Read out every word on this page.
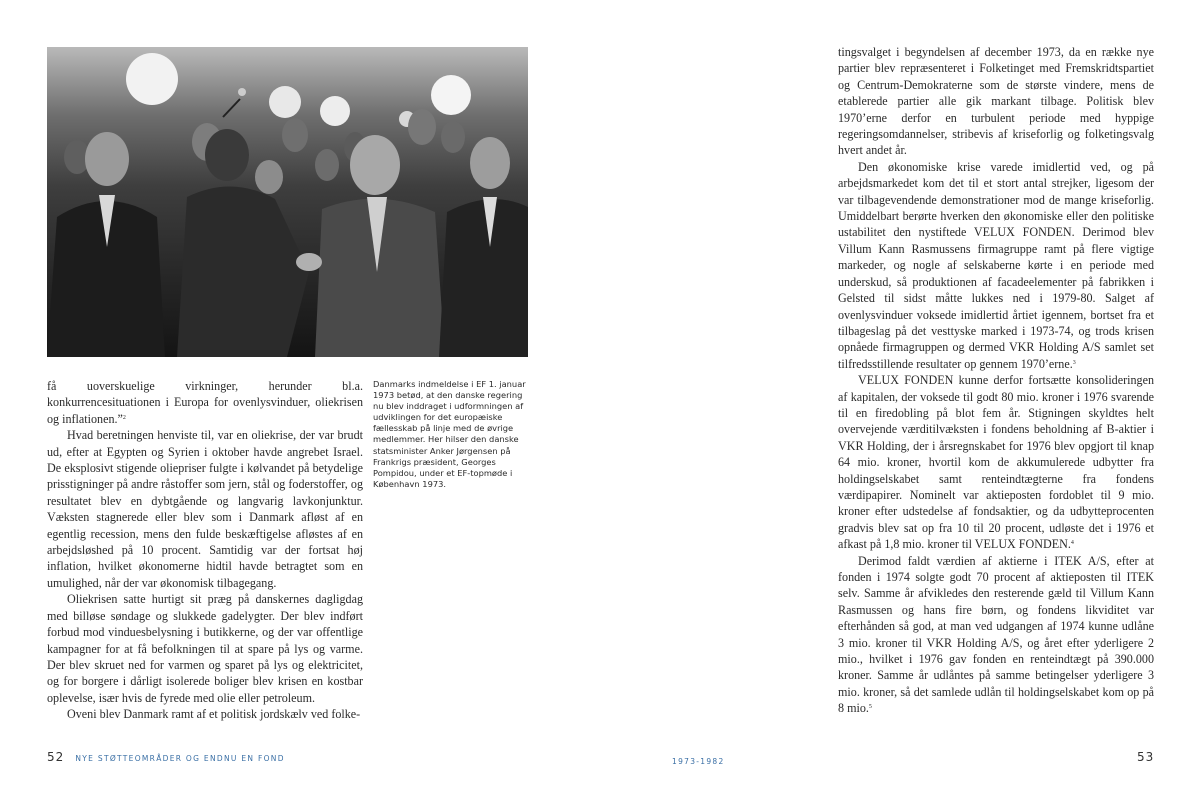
Danmarks indmeldelse i EF 1. januar 1973 betød, at den danske regering nu blev inddraget i udformningen af udviklingen for det europæiske fællesskab på linje med de øvrige medlemmer. Her hilser den danske statsminister Anker Jørgensen på Frankrigs præsident, Georges Pompidou, under et EF-topmøde i København 1973.

få uoverskuelige virkninger, herunder bl.a. konkurrencesituationen i Europa for ovenlysvinduer, oliekrisen og inflationen.”$^2$

Hvad beretningen henviste til, var en oliekrise, der var brudt ud, efter at Egypten og Syrien i oktober havde angrebet Israel. De eksplosivt stigende oliepriser fulgte i kølvandet på betydelige prisstigninger på andre råstoffer som jern, stål og foderstoffer, og resultatet blev en dybtgående og langvarig lavkonjunktur. Væksten stagnerede eller blev som i Danmark afløst af en egentlig recession, mens den fulde beskæftigelse afløstes af en arbejdsløshed på 10 procent. Samtidig var der fortsat høj inflation, hvilket økonomerne hidtil havde betragtet som en umulighed, når der var økonomisk tilbagegang.

Oliekrisen satte hurtigt sit præg på danskernes dagligdag med billøse søndage og slukkede gadelygter. Der blev indført forbud mod vinduesbelysning i butikkerne, og der var offentlige kampagner for at få befolkningen til at spare på lys og varme. Der blev skruet ned for varmen og sparet på lys og elektricitet, og for borgere i dårligt isolerede boliger blev krisen en kostbar oplevelse, især hvis de fyrede med olie eller petroleum.

Oveni blev Danmark ramt af et politisk jordskælv ved folke-

tingsvalget i begyndelsen af december 1973, da en række nye partier blev repræsenteret i Folketinget med Fremskridtspartiet og Centrum-Demokraterne som de største vindere, mens de etablerede partier alle gik markant tilbage. Politisk blev 1970’erne derfor en turbulent periode med hyppige regeringsomdannelser, stribevis af kriseforlig og folketingsvalg hvert andet år.

Den økonomiske krise varede imidlertid ved, og på arbejdsmarkedet kom det til et stort antal strejker, ligesom der var tilbagevendende demonstrationer mod de mange kriseforlig. Umiddelbart berørte hverken den økonomiske eller den politiske ustabilitet den nystiftede VELUX FONDEN. Derimod blev Villum Kann Rasmussens firmagruppe ramt på flere vigtige markeder, og nogle af selskaberne kørte i en periode med underskud, så produktionen af facadeelementer på fabrikken i Gelsted til sidst måtte lukkes ned i 1979-80. Salget af ovenlysvinduer voksede imidlertid årtiet igennem, bortset fra et tilbageslag på det vesttyske marked i 1973-74, og trods krisen opnåede firmagruppen og dermed VKR Holding A/S samlet set tilfredsstillende resultater op gennem 1970’erne.$^3$

VELUX FONDEN kunne derfor fortsætte konsolideringen af kapitalen, der voksede til godt 80 mio. kroner i 1976 svarende til en firedobling på blot fem år. Stigningen skyldtes helt overvejende værditilvæksten i fondens beholdning af B-aktier i VKR Holding, der i årsregnskabet for 1976 blev opgjort til knap 64 mio. kroner, hvortil kom de akkumulerede udbytter fra holdingselskabet samt renteindtægterne fra fondens værdipapirer. Nominelt var aktieposten fordoblet til 9 mio. kroner efter udstedelse af fondsaktier, og da udbytteprocenten gradvis blev sat op fra 10 til 20 procent, udløste det i 1976 et afkast på 1,8 mio. kroner til VELUX FONDEN.$^4$

Derimod faldt værdien af aktierne i ITEK A/S, efter at fonden i 1974 solgte godt 70 procent af aktieposten til ITEK selv. Samme år afvikledes den resterende gæld til Villum Kann Rasmussen og hans fire børn, og fondens likviditet var efterhånden så god, at man ved udgangen af 1974 kunne udlåne 3 mio. kroner til VKR Holding A/S, og året efter yderligere 2 mio., hvilket i 1976 gav fonden en renteindtægt på 390.000 kroner. Samme år udlåntes på samme betingelser yderligere 3 mio. kroner, så det samlede udlån til holdingselskabet kom op på 8 mio.$^5$

52 NYE STØTTEOMRÅDER OG ENDNU EN FOND	1973-1982	53
